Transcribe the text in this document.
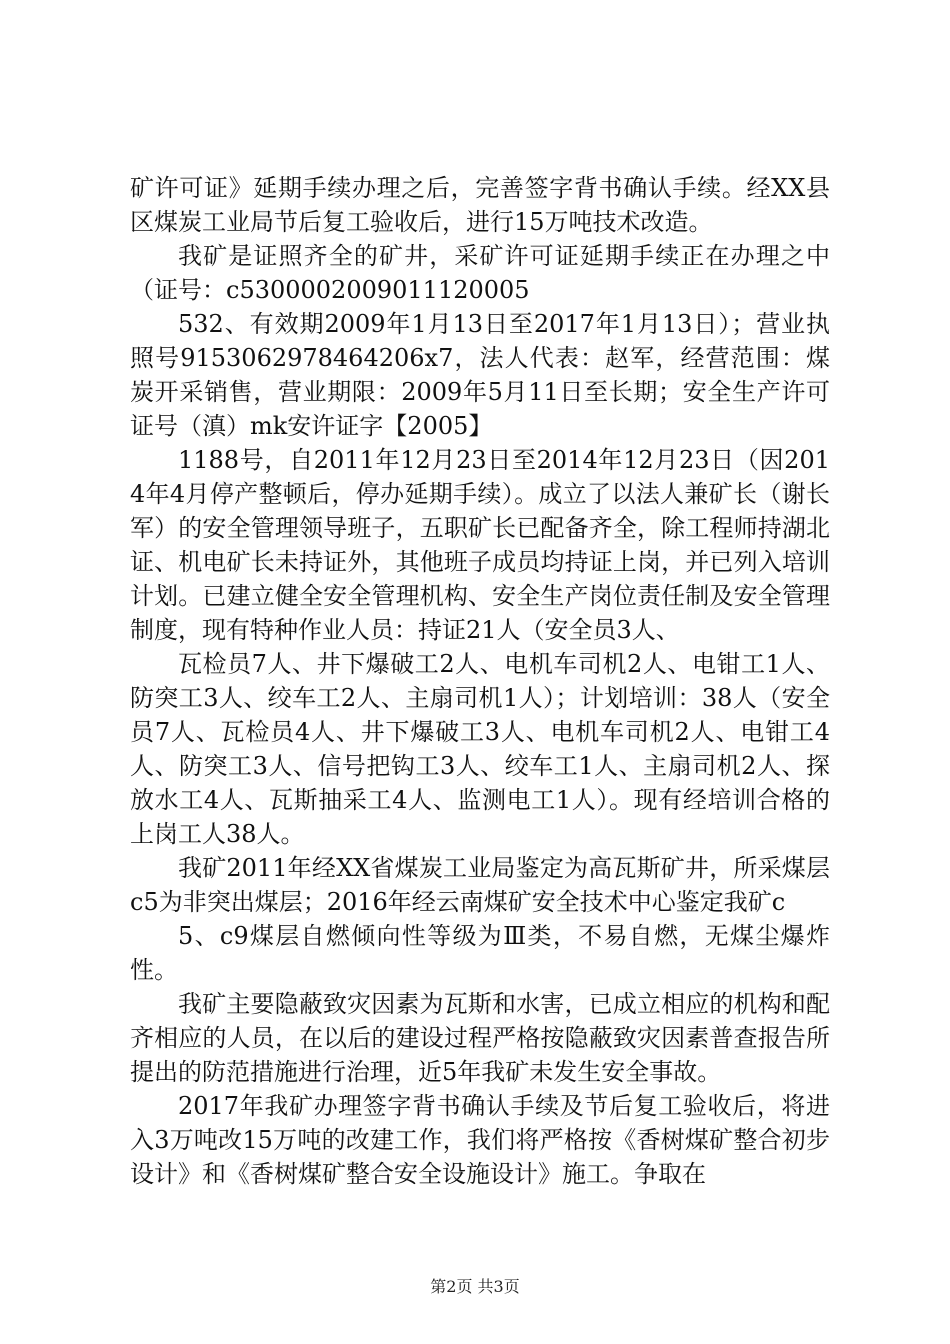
矿许可证》延期手续办理之后，完善签字背书确认手续。经XX县区煤炭工业局节后复工验收后，进行15万吨技术改造。

我矿是证照齐全的矿井，采矿许可证延期手续正在办理之中（证号：c5300002009011120005

532、有效期2009年1月13日至2017年1月13日）；营业执照号9153062978464206x7，法人代表：赵军，经营范围：煤炭开采销售，营业期限：2009年5月11日至长期；安全生产许可证号（滇）mk安许证字【2005】

1188号，自2011年12月23日至2014年12月23日（因2014年4月停产整顿后，停办延期手续）。成立了以法人兼矿长（谢长军）的安全管理领导班子，五职矿长已配备齐全，除工程师持湖北证、机电矿长未持证外，其他班子成员均持证上岗，并已列入培训计划。已建立健全安全管理机构、安全生产岗位责任制及安全管理制度，现有特种作业人员：持证21人（安全员3人、

瓦检员7人、井下爆破工2人、电机车司机2人、电钳工1人、防突工3人、绞车工2人、主扇司机1人）；计划培训：38人（安全员7人、瓦检员4人、井下爆破工3人、电机车司机2人、电钳工4人、防突工3人、信号把钩工3人、绞车工1人、主扇司机2人、探放水工4人、瓦斯抽采工4人、监测电工1人）。现有经培训合格的上岗工人38人。

我矿2011年经XX省煤炭工业局鉴定为高瓦斯矿井，所采煤层c5为非突出煤层；2016年经云南煤矿安全技术中心鉴定我矿c

5、c9煤层自燃倾向性等级为Ⅲ类，不易自燃，无煤尘爆炸性。

我矿主要隐蔽致灾因素为瓦斯和水害，已成立相应的机构和配齐相应的人员，在以后的建设过程严格按隐蔽致灾因素普查报告所提出的防范措施进行治理，近5年我矿未发生安全事故。

2017年我矿办理签字背书确认手续及节后复工验收后，将进入3万吨改15万吨的改建工作，我们将严格按《香树煤矿整合初步设计》和《香树煤矿整合安全设施设计》施工。争取在

第2页 共3页
